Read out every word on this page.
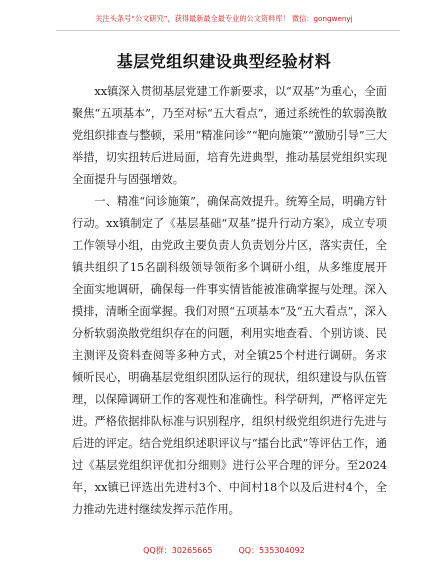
关注头条号“公文研究”，获得最新最全最专业的公文资料库！ 微信：gongwenyj
基层党组织建设典型经验材料

xx镇深入贯彻基层党建工作新要求，以“双基”为重心，全面聚焦“五项基本”，乃至对标“五大看点”，通过系统性的软弱涣散党组织排查与整顿，采用“精准问诊”“靶向施策”“激励引导”三大举措，切实扭转后进局面，培育先进典型，推动基层党组织实现全面提升与固强增效。

一、精准“问诊施策”，确保高效提升。统筹全局，明确方针行动。xx镇制定了《基层基础“双基”提升行动方案》，成立专项工作领导小组，由党政主要负责人负责划分片区，落实责任，全镇共组织了15名副科级领导领衔多个调研小组，从多维度展开全面实地调研，确保每一件事实情皆能被准确掌握与处理。深入摸排，清晰全面掌握。我们对照“五项基本”及“五大看点”，深入分析软弱涣散党组织存在的问题，利用实地查看、个别访谈、民主测评及资料查阅等多种方式，对全镇25个村进行调研。务求倾听民心，明确基层党组织团队运行的现状，组织建设与队伍管理，以保障调研工作的客观性和准确性。科学研判，严格评定先进。严格依据排队标准与识别程序，组织村级党组织进行先进与后进的评定。结合党组织述职评议与“擂台比武”等评估工作，通过《基层党组织评优扣分细则》进行公平合理的评分。至2024年，xx镇已评选出先进村3个、中间村18个以及后进村4个，全力推动先进村继续发挥示范作用。

QQ群：30265665	QQ：535304092
